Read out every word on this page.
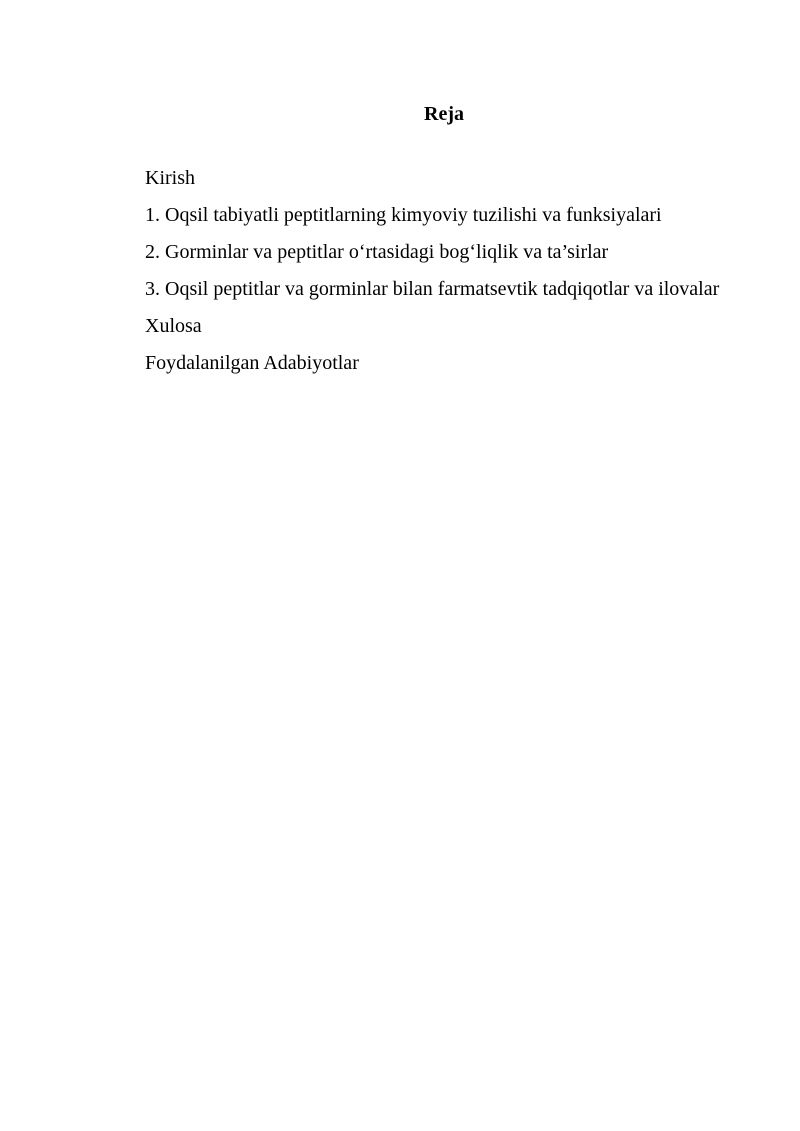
Reja
Kirish
1. Oqsil tabiyatli peptitlarning kimyoviy tuzilishi va funksiyalari
2. Gorminlar va peptitlar o‘rtasidagi bog‘liqlik va ta’sirlar
3. Oqsil peptitlar va gorminlar bilan farmatsevtik tadqiqotlar va ilovalar
Xulosa
Foydalanilgan Adabiyotlar
